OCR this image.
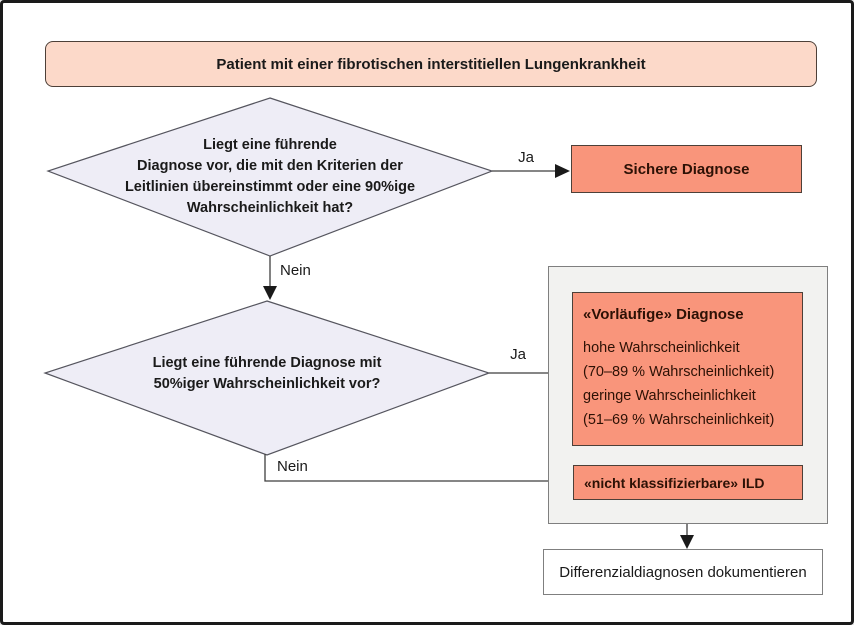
Patient mit einer fibrotischen interstitiellen Lungenkrankheit
Liegt eine führende
Diagnose vor, die mit den Kriterien der
Leitlinien übereinstimmt oder eine 90%ige
Wahrscheinlichkeit hat?
Ja
Nein
Ja
Nein
Sichere Diagnose
Liegt eine führende Diagnose mit
50%iger Wahrscheinlichkeit vor?
«Vorläufige» Diagnose
hohe Wahrscheinlichkeit
(70–89 % Wahrscheinlichkeit)
geringe Wahrscheinlichkeit
(51–69 % Wahrscheinlichkeit)
«nicht klassifizierbare» ILD
Differenzialdiagnosen dokumentieren
